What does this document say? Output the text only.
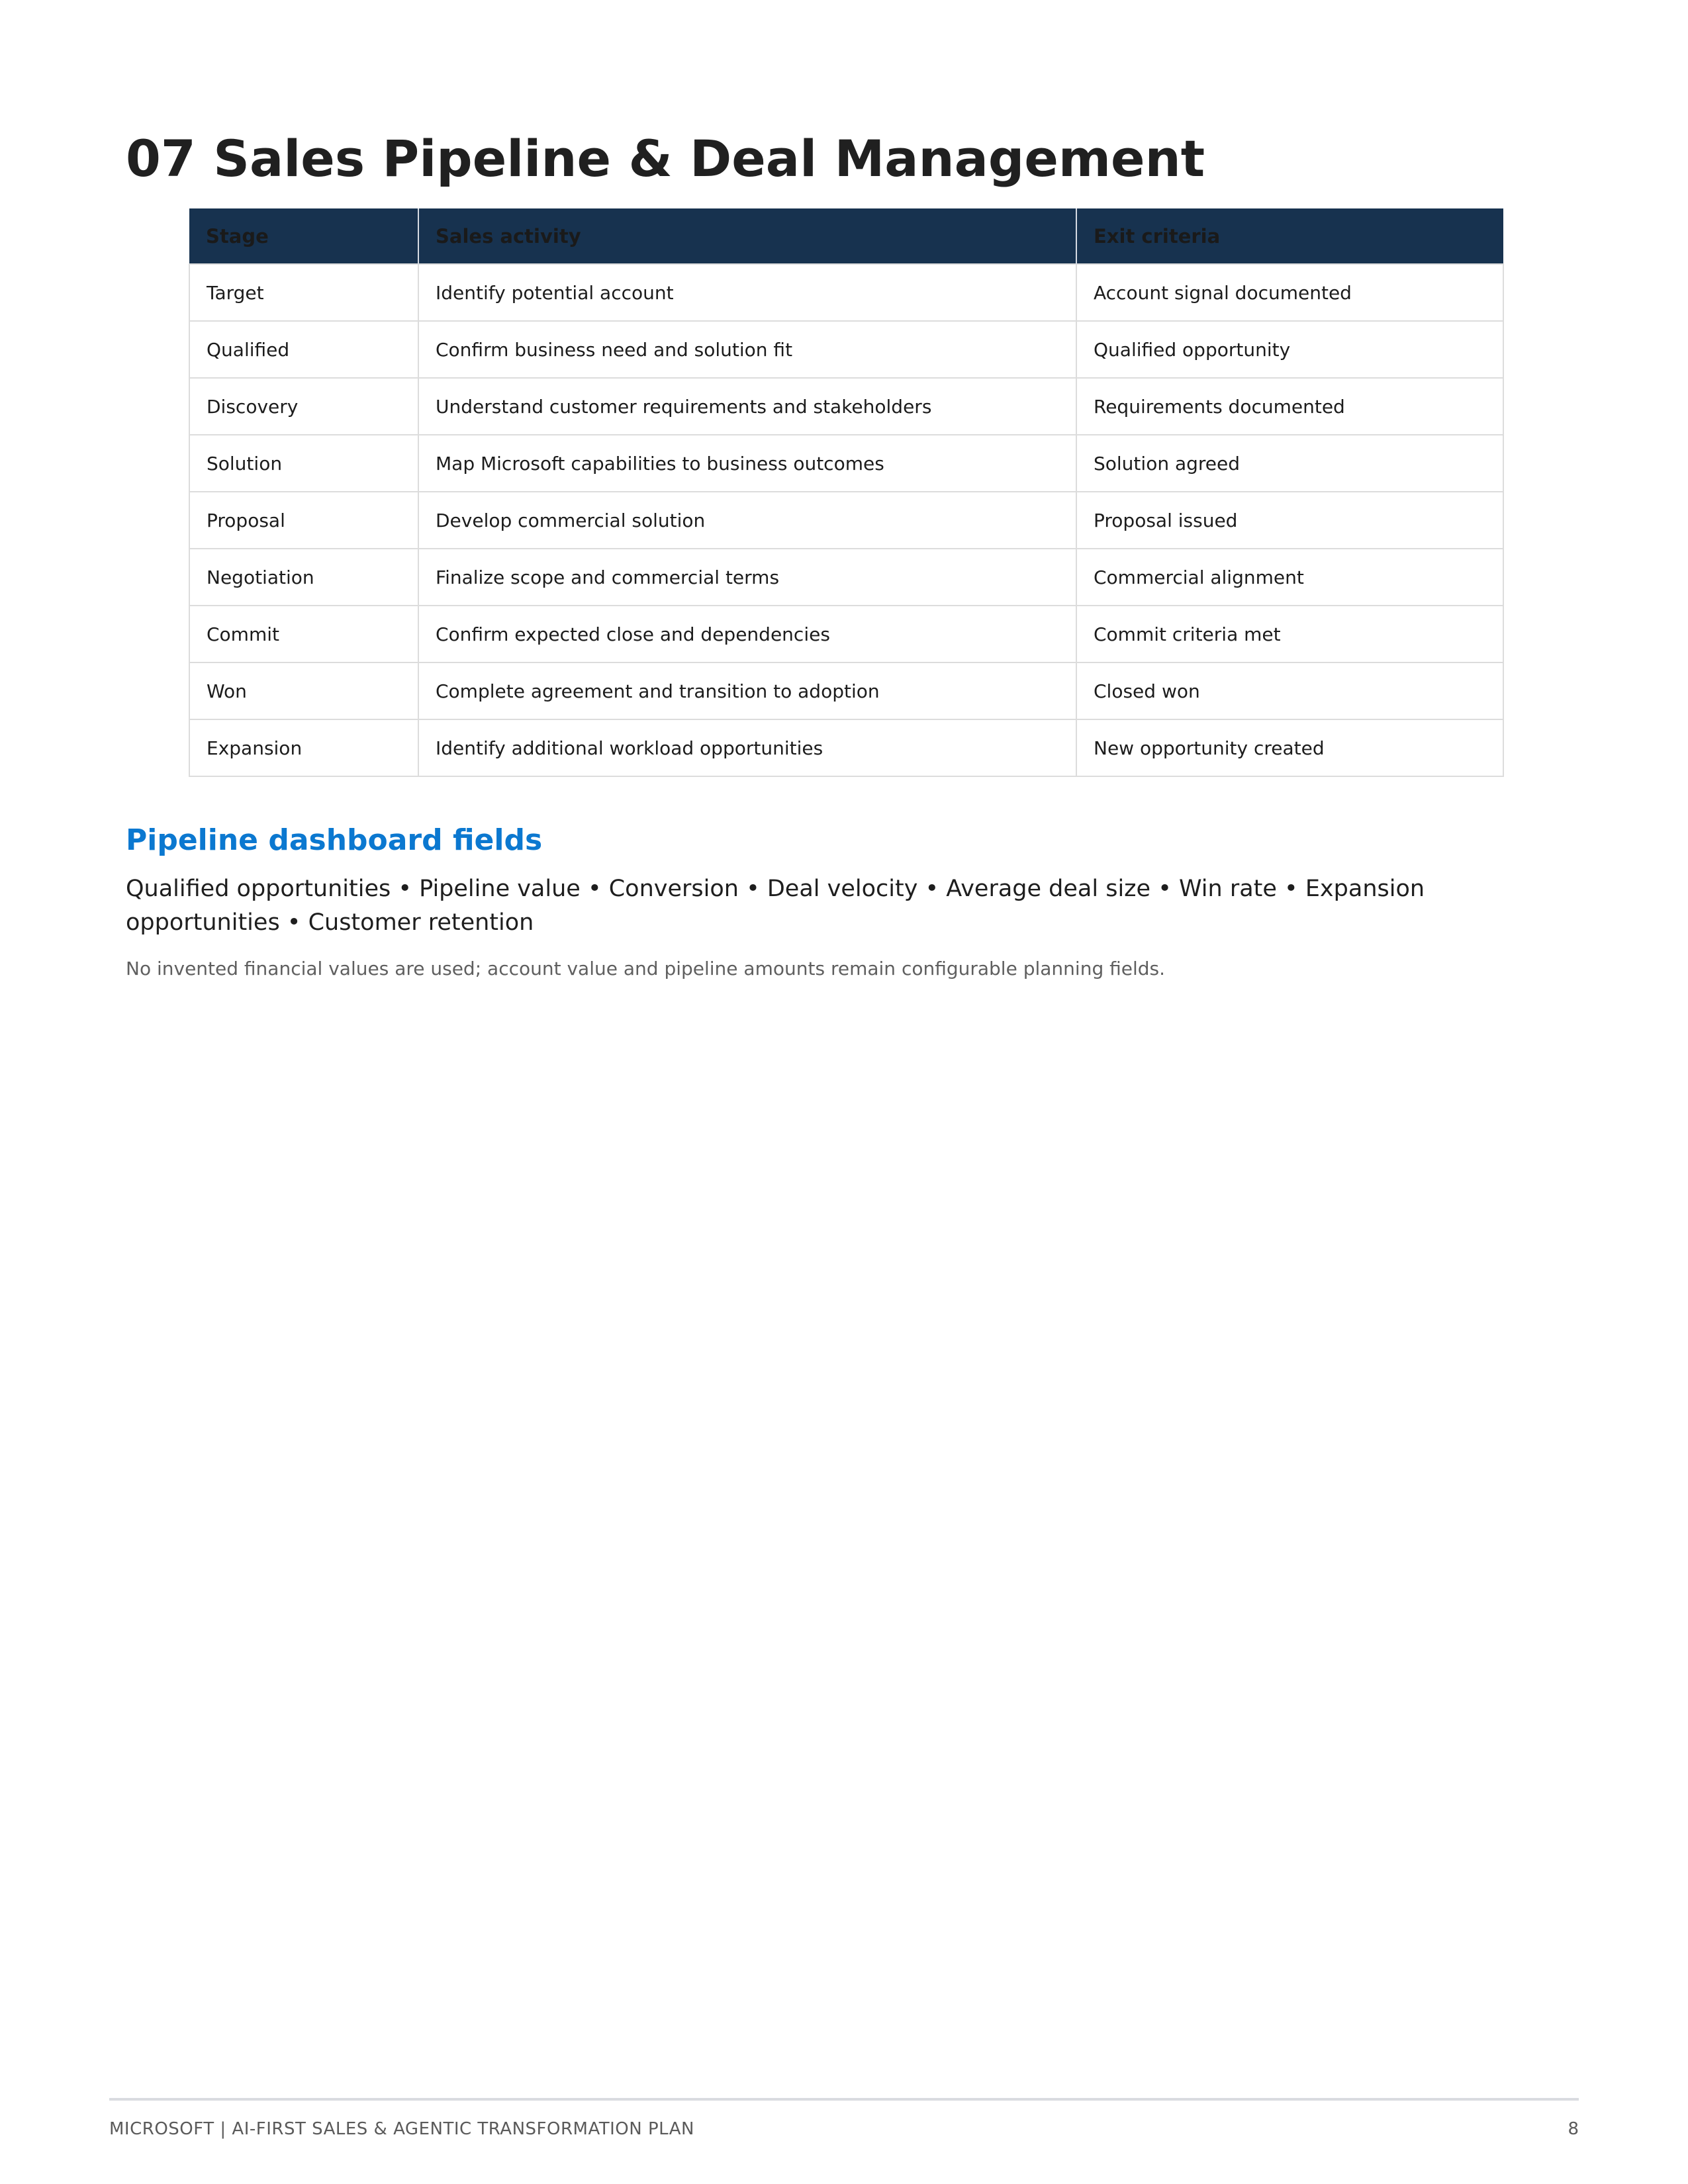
07 Sales Pipeline & Deal Management
Stage	Sales activity	Exit criteria
Target	Identify potential account	Account signal documented
Qualified	Confirm business need and solution fit	Qualified opportunity
Discovery	Understand customer requirements and stakeholders	Requirements documented
Solution	Map Microsoft capabilities to business outcomes	Solution agreed
Proposal	Develop commercial solution	Proposal issued
Negotiation	Finalize scope and commercial terms	Commercial alignment
Commit	Confirm expected close and dependencies	Commit criteria met
Won	Complete agreement and transition to adoption	Closed won
Expansion	Identify additional workload opportunities	New opportunity created
Pipeline dashboard fields

Qualified opportunities • Pipeline value • Conversion • Deal velocity • Average deal size • Win rate • Expansion opportunities • Customer retention

No invented financial values are used; account value and pipeline amounts remain configurable planning fields.

MICROSOFT | AI-FIRST SALES & AGENTIC TRANSFORMATION PLAN	8
